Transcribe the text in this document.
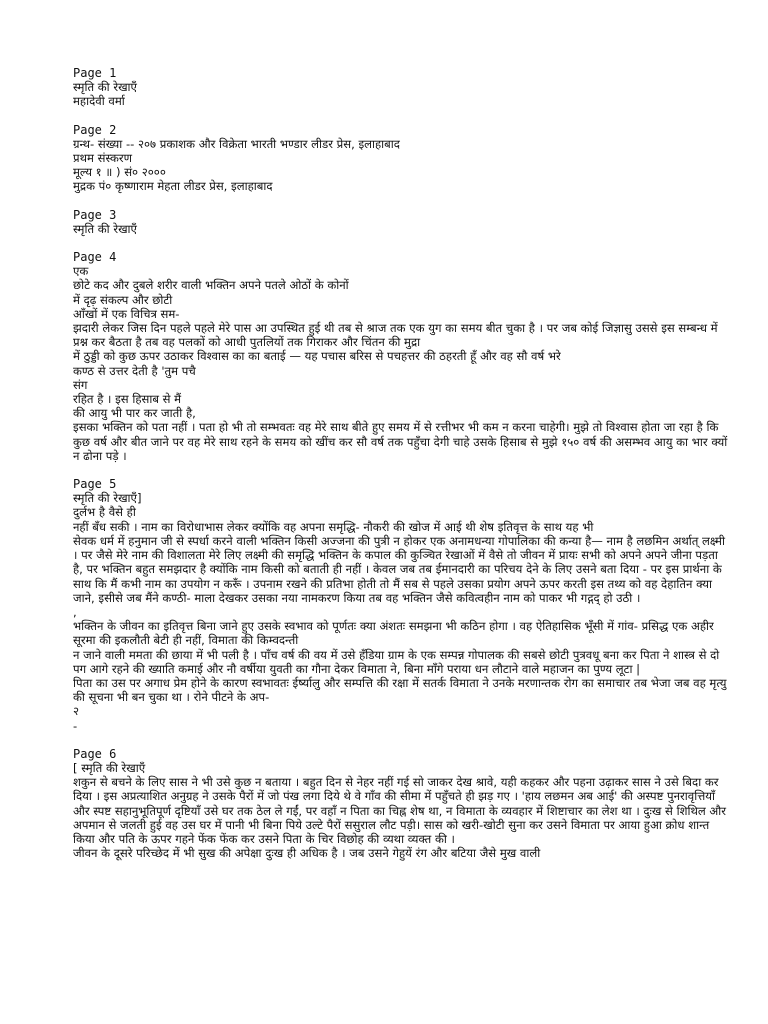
Page 1
स्मृति की रेखाएँ
महादेवी वर्मा
Page 2
ग्रन्थ- संख्या -- २०७ प्रकाशक और विक्रेता भारती भण्डार लीडर प्रेस, इलाहाबाद
प्रथम संस्करण
मूल्य १ ॥ ) सं० २०००
मुद्रक पं० कृष्णाराम मेहता लीडर प्रेस, इलाहाबाद
Page 3
स्मृति की रेखाएँ
Page 4
एक
छोटे कद और दुबले शरीर वाली भक्तिन अपने पतले ओठों के कोनों
में दृढ़ संकल्प और छोटी
आँखों में एक विचित्र सम-
झदारी लेकर जिस दिन पहले पहले मेरे पास आ उपस्थित हुई थी तब से श्राज तक एक युग का समय बीत चुका है । पर जब कोई जिज्ञासु उससे इस सम्बन्ध में प्रश्न कर बैठता है तब वह पलकों को आधी पुतलियों तक गिराकर और चिंतन की मुद्रा
में ठुड्डी को कुछ ऊपर उठाकर विश्वास का का बताई — यह पचास बरिस से पचहत्तर की ठहरती हूँ और वह सौ वर्ष भरे
कण्ठ से उत्तर देती है 'तुम पचै
संग
रहित है । इस हिसाब से मैं
की आयु भी पार कर जाती है,
इसका भक्तिन को पता नहीं । पता हो भी तो सम्भवतः वह मेरे साथ बीते हुए समय में से रत्तीभर भी कम न करना चाहेगी। मुझे तो विश्वास होता जा रहा है कि कुछ वर्ष और बीत जाने पर वह मेरे साथ रहने के समय को खींच कर सौ वर्ष तक पहुँचा देगी चाहे उसके हिसाब से मुझे १५० वर्ष की असम्भव आयु का भार क्यों न ढोना पड़े ।
Page 5
स्मृति की रेखाएँ]
दुर्लभ है वैसे ही
नहीं बँध सकी । नाम का विरोधाभास लेकर क्योंकि वह अपना समृद्धि- नौकरी की खोज में आई थी शेष इतिवृत्त के साथ यह भी
सेवक धर्म में हनुमान जी से स्पर्धा करने वाली भक्तिन किसी अज्जना की पुत्री न होकर एक अनामधन्या गोपालिका की कन्या है— नाम है लछमिन अर्थात् लक्ष्मी । पर जैसे मेरे नाम की विशालता मेरे लिए लक्ष्मी की समृद्धि भक्तिन के कपाल की कुञ्चित रेखाओं में वैसे तो जीवन में प्रायः सभी को अपने अपने जीना पड़ता है, पर भक्तिन बहुत समझदार है क्योंकि नाम किसी को बताती ही नहीं । केवल जब तब ईमानदारी का परिचय देने के लिए उसने बता दिया - पर इस प्रार्थना के साथ कि मैं कभी नाम का उपयोग न करूँ । उपनाम रखने की प्रतिभा होती तो मैं सब से पहले उसका प्रयोग अपने ऊपर करती इस तथ्य को वह देहातिन क्या जाने, इसीसे जब मैंने कण्ठी- माला देखकर उसका नया नामकरण किया तब वह भक्तिन जैसे कवित्वहीन नाम को पाकर भी गद्गद् हो उठी ।
,
भक्तिन के जीवन का इतिवृत्त बिना जाने हुए उसके स्वभाव को पूर्णतः क्या अंशतः समझना भी कठिन होगा । वह ऐतिहासिक भूँसी में गांव- प्रसिद्ध एक अहीर सूरमा की इकलौती बेटी ही नहीं, विमाता की किम्वदन्ती
न जाने वाली ममता की छाया में भी पली है । पाँच वर्ष की वय में उसे हँडिया ग्राम के एक सम्पन्न गोपालक की सबसे छोटी पुत्रवधू बना कर पिता ने शास्त्र से दो पग आगे रहने की ख्याति कमाई और नौ वर्षीया युवती का गौना देकर विमाता ने, बिना माँगे पराया धन लौटाने वाले महाजन का पुण्य लूटा |
पिता का उस पर अगाध प्रेम होने के कारण स्वभावतः ईर्ष्यालु और सम्पत्ति की रक्षा में सतर्क विमाता ने उनके मरणान्तक रोग का समाचार तब भेजा जब वह मृत्यु की सूचना भी बन चुका था । रोने पीटने के अप-
२
-
Page 6
[ स्मृति की रेखाएँ
शकुन से बचने के लिए सास ने भी उसे कुछ न बताया । बहुत दिन से नेहर नहीं गई सो जाकर देख श्रावे, यही कहकर और पहना उढ़ाकर सास ने उसे बिदा कर दिया । इस अप्रत्याशित अनुग्रह ने उसके पैरों में जो पंख लगा दिये थे वे गाँव की सीमा में पहुँचते ही झड़ गए । 'हाय लछमन अब आई' की अस्पष्ट पुनरावृत्तियाँ और स्पष्ट सहानुभूतिपूर्ण दृष्टियाँ उसे घर तक ठेल ले गईं, पर वहाँ न पिता का चिह्न शेष था, न विमाता के व्यवहार में शिष्टाचार का लेश था । दुःख से शिथिल और अपमान से जलती हुई वह उस घर में पानी भी बिना पिये उल्टे पैरों ससुराल लौट पड़ी। सास को खरी-खोटी सुना कर उसने विमाता पर आया हुआ क्रोध शान्त किया और पति के ऊपर गहने फेंक फेंक कर उसने पिता के चिर विछोह की व्यथा व्यक्त की ।
जीवन के दूसरे परिच्छेद में भी सुख की अपेक्षा दुःख ही अधिक है । जब उसने गेहुयें रंग और बटिया जैसे मुख वाली
